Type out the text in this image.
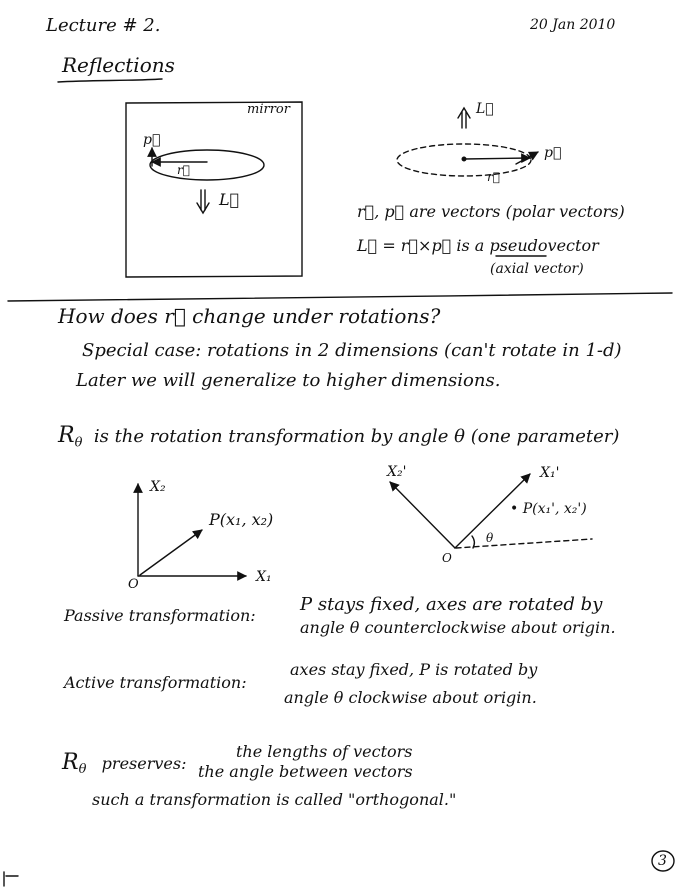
Lecture # 2.	20 Jan 2010
Reflections
mirror
p⃗
r⃗
L⃗
L⃗
p⃗
r⃗
r⃗, p⃗ are vectors (polar vectors)
L⃗ = r⃗×p⃗ is a pseudovector
(axial vector)
How does r⃗ change under rotations?
Special case: rotations in 2 dimensions (can't rotate in 1-d)
Later we will generalize to higher dimensions.
$R_\theta$ is the rotation transformation by angle θ (one parameter)
X₂
X₁
O
P(x₁, x₂)
X₂'	X₁'
O
• P(x₁', x₂')
θ
Passive transformation:
P stays fixed, axes are rotated by
angle θ counterclockwise about origin.
Active transformation:
axes stay fixed, P is rotated by
angle θ clockwise about origin.
$R_\theta$ preserves:
the lengths of vectors
the angle between vectors
such a transformation is called "orthogonal."
3
